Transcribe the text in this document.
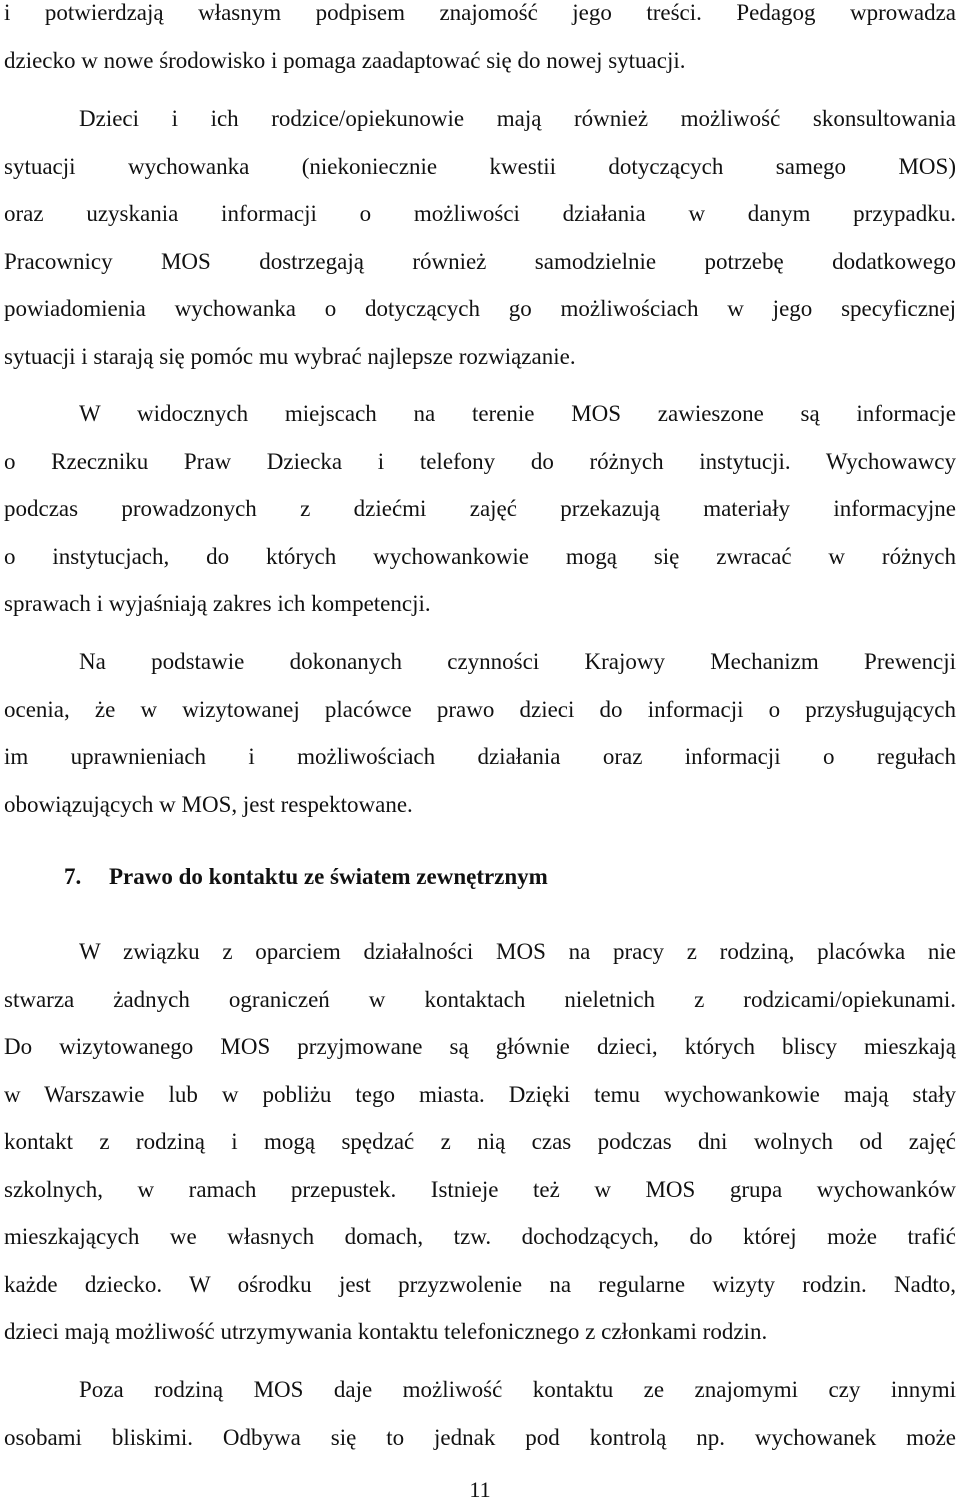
i potwierdzają własnym podpisem znajomość jego treści. Pedagog wprowadza
dziecko w nowe środowisko i pomaga zaadaptować się do nowej sytuacji.
Dzieci i ich rodzice/opiekunowie mają również możliwość skonsultowania
sytuacji wychowanka (niekoniecznie kwestii dotyczących samego MOS)
oraz uzyskania informacji o możliwości działania w danym przypadku.
Pracownicy MOS dostrzegają również samodzielnie potrzebę dodatkowego
powiadomienia wychowanka o dotyczących go możliwościach w jego specyficznej
sytuacji i starają się pomóc mu wybrać najlepsze rozwiązanie.
W widocznych miejscach na terenie MOS zawieszone są informacje
o Rzeczniku Praw Dziecka i telefony do różnych instytucji. Wychowawcy
podczas prowadzonych z dziećmi zajęć przekazują materiały informacyjne
o instytucjach, do których wychowankowie mogą się zwracać w różnych
sprawach i wyjaśniają zakres ich kompetencji.
Na podstawie dokonanych czynności Krajowy Mechanizm Prewencji
ocenia, że w wizytowanej placówce prawo dzieci do informacji o przysługujących
im uprawnieniach i możliwościach działania oraz informacji o regułach
obowiązujących w MOS, jest respektowane.
7. Prawo do kontaktu ze światem zewnętrznym
W związku z oparciem działalności MOS na pracy z rodziną, placówka nie
stwarza żadnych ograniczeń w kontaktach nieletnich z rodzicami/opiekunami.
Do wizytowanego MOS przyjmowane są głównie dzieci, których bliscy mieszkają
w Warszawie lub w pobliżu tego miasta. Dzięki temu wychowankowie mają stały
kontakt z rodziną i mogą spędzać z nią czas podczas dni wolnych od zajęć
szkolnych, w ramach przepustek. Istnieje też w MOS grupa wychowanków
mieszkających we własnych domach, tzw. dochodzących, do której może trafić
każde dziecko. W ośrodku jest przyzwolenie na regularne wizyty rodzin. Nadto,
dzieci mają możliwość utrzymywania kontaktu telefonicznego z członkami rodzin.
Poza rodziną MOS daje możliwość kontaktu ze znajomymi czy innymi
osobami bliskimi. Odbywa się to jednak pod kontrolą np. wychowanek może
11
